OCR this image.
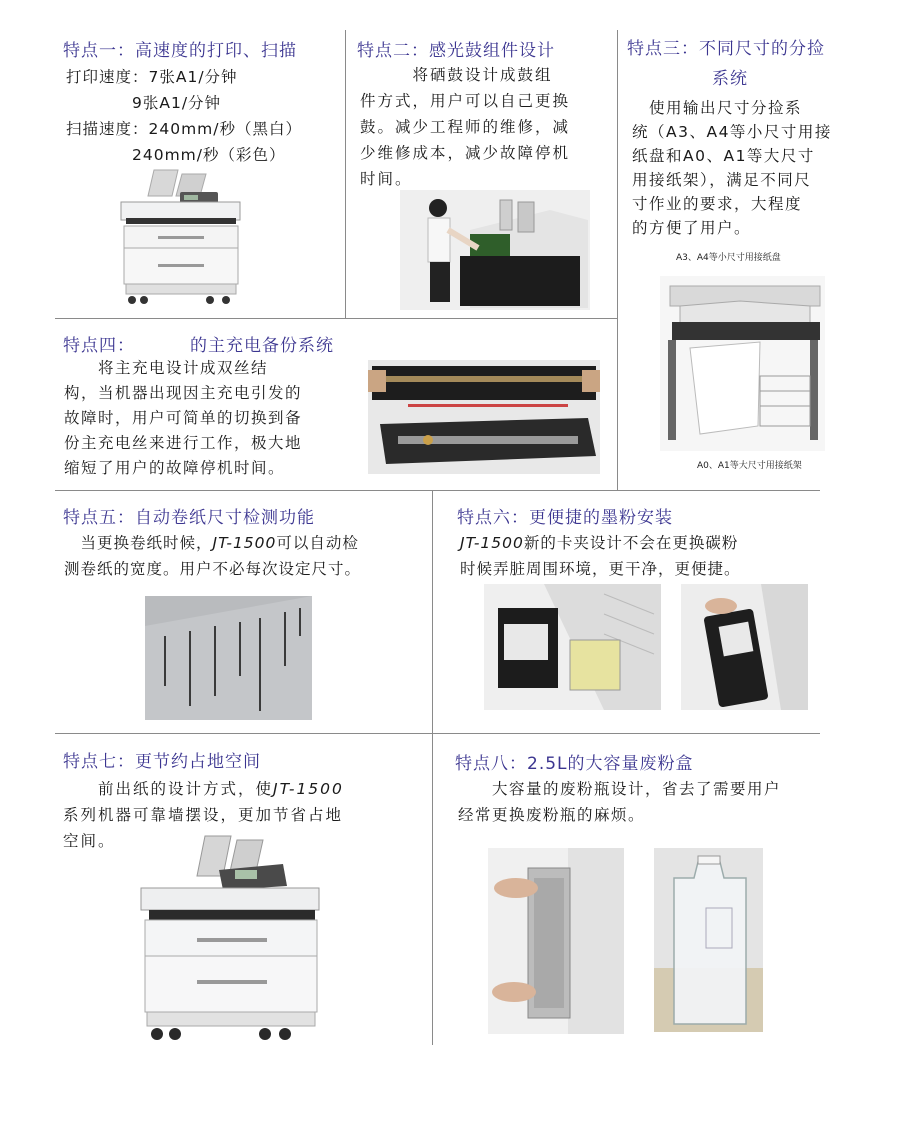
特点一：高速度的打印、扫描

打印速度：7张A1/分钟

　　　　9张A1/分钟

扫描速度：240mm/秒（黑白）

　　　　240mm/秒（彩色）

特点二：感光鼓组件设计

　　　将硒鼓设计成鼓组

件方式，用户可以自己更换

鼓。减少工程师的维修，减

少维修成本，减少故障停机

时间。

特点三：不同尺寸的分捡
系统

　使用输出尺寸分捡系

统（A3、A4等小尺寸用接

纸盘和A0、A1等大尺寸

用接纸架），满足不同尺

寸作业的要求，大程度

的方便了用户。

A3、A4等小尺寸用接纸盘
A0、A1等大尺寸用接纸架
特点四：	的主充电备份系统

　　将主充电设计成双丝结

构，当机器出现因主充电引发的

故障时，用户可简单的切换到备

份主充电丝来进行工作，极大地

缩短了用户的故障停机时间。

特点五：自动卷纸尺寸检测功能

　当更换卷纸时候，JT-1500可以自动检

测卷纸的宽度。用户不必每次设定尺寸。

特点六：更便捷的墨粉安装

JT-1500新的卡夹设计不会在更换碳粉

时候弄脏周围环境，更干净，更便捷。

特点七：更节约占地空间

　　前出纸的设计方式，使JT-1500

系列机器可靠墙摆设，更加节省占地

空间。

特点八：2.5L的大容量废粉盒

　　大容量的废粉瓶设计，省去了需要用户

经常更换废粉瓶的麻烦。
